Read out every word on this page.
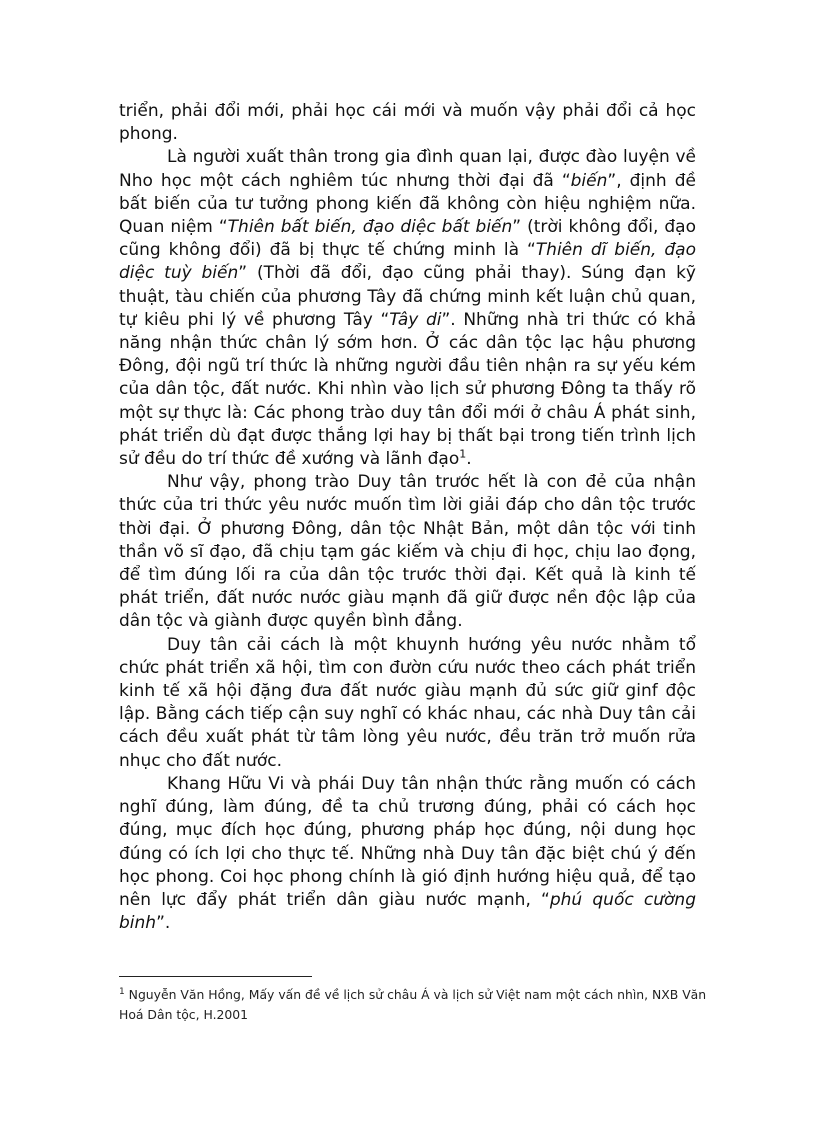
triển, phải đổi mới, phải học cái mới và muốn vậy phải đổi cả học phong.

Là người xuất thân trong gia đình quan lại, được đào luyện về Nho học một cách nghiêm túc nhưng thời đại đã “biến”, định đề bất biến của tư tưởng phong kiến đã không còn hiệu nghiệm nữa. Quan niệm “Thiên bất biến, đạo diệc bất biến” (trời không đổi, đạo cũng không đổi) đã bị thực tế chứng minh là “Thiên dĩ biến, đạo diệc tuỳ biến” (Thời đã đổi, đạo cũng phải thay). Súng đạn kỹ thuật, tàu chiến của phương Tây đã chứng minh kết luận chủ quan, tự kiêu phi lý về phương Tây “Tây di”. Những nhà tri thức có khả năng nhận thức chân lý sớm hơn. Ở các dân tộc lạc hậu phương Đông, đội ngũ trí thức là những người đầu tiên nhận ra sự yếu kém của dân tộc, đất nước. Khi nhìn vào lịch sử phương Đông ta thấy rõ một sự thực là: Các phong trào duy tân đổi mới ở châu Á phát sinh, phát triển dù đạt được thắng lợi hay bị thất bại trong tiến trình lịch sử đều do trí thức đề xướng và lãnh đạo$^1$.

Như vậy, phong trào Duy tân trước hết là con đẻ của nhận thức của tri thức yêu nước muốn tìm lời giải đáp cho dân tộc trước thời đại. Ở phương Đông, dân tộc Nhật Bản, một dân tộc với tinh thần võ sĩ đạo, đã chịu tạm gác kiếm và chịu đi học, chịu lao đọng, để tìm đúng lối ra của dân tộc trước thời đại. Kết quả là kinh tế phát triển, đất nước nước giàu mạnh đã giữ được nền độc lập của dân tộc và giành được quyền bình đẳng.

Duy tân cải cách là một khuynh hướng yêu nước nhằm tổ chức phát triển xã hội, tìm con đườn cứu nước theo cách phát triển kinh tế xã hội đặng đưa đất nước giàu mạnh đủ sức giữ ginf độc lập. Bằng cách tiếp cận suy nghĩ có khác nhau, các nhà Duy tân cải cách đều xuất phát từ tâm lòng yêu nước, đều trăn trở muốn rửa nhục cho đất nước.

Khang Hữu Vi và phái Duy tân nhận thức rằng muốn có cách nghĩ đúng, làm đúng, đề ta chủ trương đúng, phải có cách học đúng, mục đích học đúng, phương pháp học đúng, nội dung học đúng có ích lợi cho thực tế. Những nhà Duy tân đặc biệt chú ý đến học phong. Coi học phong chính là gió định hướng hiệu quả, để tạo nên lực đẩy phát triển dân giàu nước mạnh, “phú quốc cường binh”.

$^1$ Nguyễn Văn Hồng, Mấy vấn đề về lịch sử châu Á và lịch sử Việt nam một cách nhìn, NXB Văn Hoá Dân tộc, H.2001
